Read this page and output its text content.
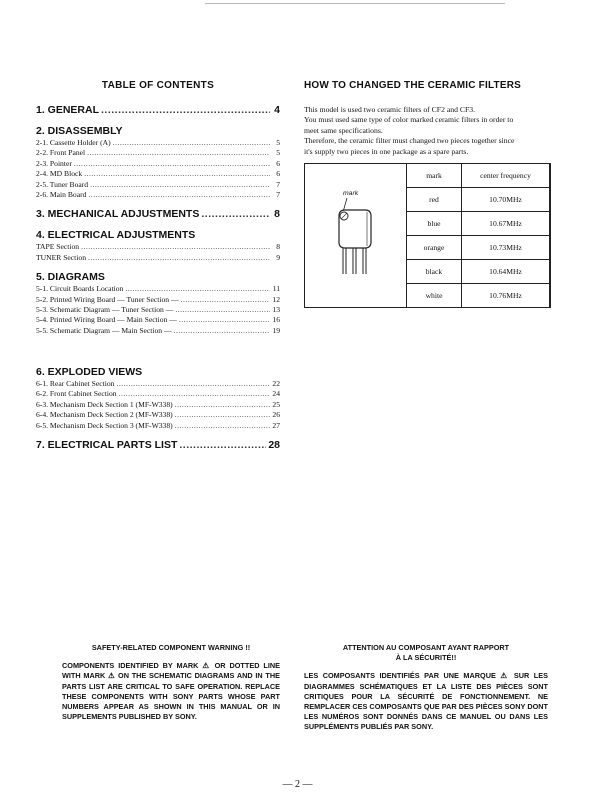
TABLE OF CONTENTS
1. GENERAL .....	4
2. DISASSEMBLY
2-1. Cassette Holder (A) .....	5
2-2. Front Panel .....	5
2-3. Pointer .....	6
2-4. MD Block .....	6
2-5. Tuner Board .....	7
2-6. Main Board .....	7
3. MECHANICAL ADJUSTMENTS .....	8
4. ELECTRICAL ADJUSTMENTS
TAPE Section .....	8
TUNER Section .....	9
5. DIAGRAMS
5-1. Circuit Boards Location .....	11
5-2. Printed Wiring Board — Tuner Section — .....	12
5-3. Schematic Diagram — Tuner Section — .....	13
5-4. Printed Wiring Board — Main Section — .....	16
5-5. Schematic Diagram — Main Section — .....	19
6. EXPLODED VIEWS
6-1. Rear Cabinet Section .....	22
6-2. Front Cabinet Section .....	24
6-3. Mechanism Deck Section 1 (MF-W338) .....	25
6-4. Mechanism Deck Section 2 (MF-W338) .....	26
6-5. Mechanism Deck Section 3 (MF-W338) .....	27
7. ELECTRICAL PARTS LIST .....	28
HOW TO CHANGED THE CERAMIC FILTERS
This model is used two ceramic filters of CF2 and CF3.
You must used same type of color marked ceramic filters in order to
meet same specifications.
Therefore, the ceramic filter must changed two pieces together since
it's supply two pieces in one package as a spare parts.
mark
mark	center frequency
red	10.70MHz
blue	10.67MHz
orange	10.73MHz
black	10.64MHz
white	10.76MHz
SAFETY-RELATED COMPONENT WARNING !!
COMPONENTS IDENTIFIED BY MARK ⚠ OR DOTTED LINE WITH MARK ⚠ ON THE SCHEMATIC DIAGRAMS AND IN THE PARTS LIST ARE CRITICAL TO SAFE OPERATION. REPLACE THESE COMPONENTS WITH SONY PARTS WHOSE PART NUMBERS APPEAR AS SHOWN IN THIS MANUAL OR IN SUPPLEMENTS PUBLISHED BY SONY.
ATTENTION AU COMPOSANT AYANT RAPPORT
À LA SÉCURITÉ!!
LES COMPOSANTS IDENTIFIÉS PAR UNE MARQUE ⚠ SUR LES DIAGRAMMES SCHÉMATIQUES ET LA LISTE DES PIÈCES SONT CRITIQUES POUR LA SÉCURITÉ DE FONCTIONNEMENT. NE REMPLACER CES COMPOSANTS QUE PAR DES PIÈCES SONY DONT LES NUMÉROS SONT DONNÉS DANS CE MANUEL OU DANS LES SUPPLÉMENTS PUBLIÉS PAR SONY.
— 2 —
